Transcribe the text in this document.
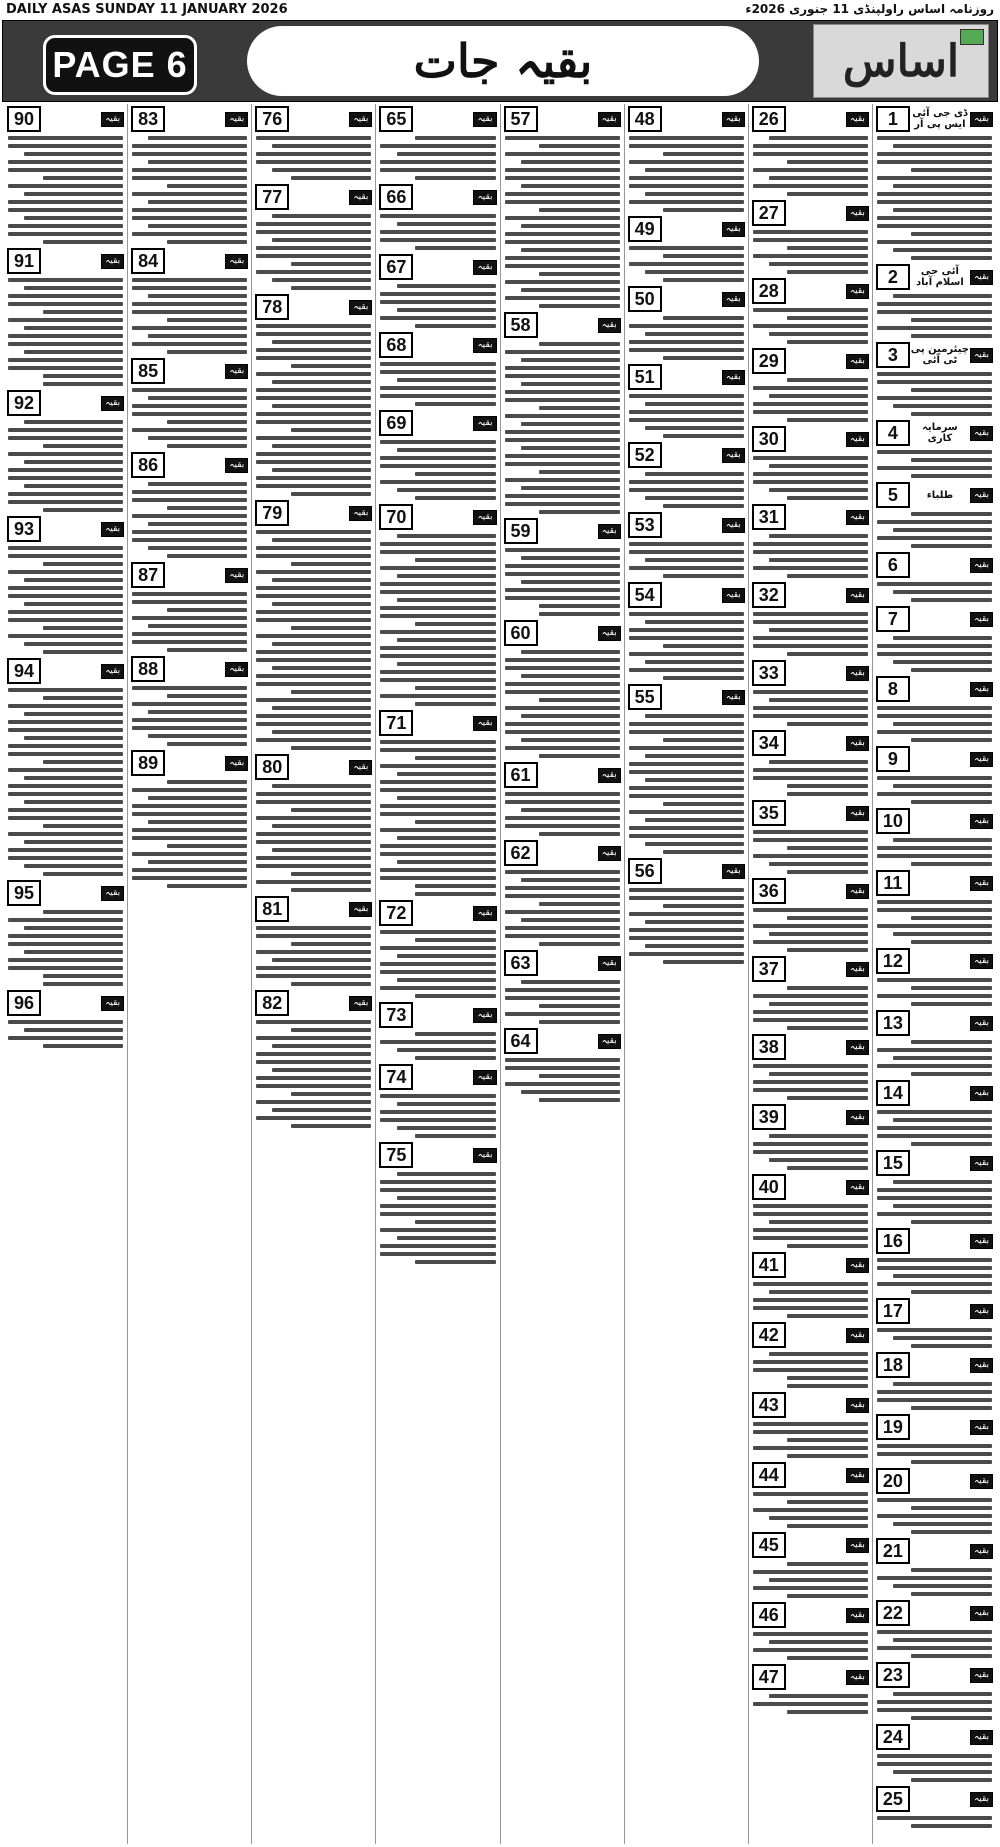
DAILY ASAS SUNDAY 11 JANUARY 2026	روزنامہ اساس راولپنڈی 11 جنوری 2026ء
PAGE 6	بقیہ جات	اساس
بقیہ
ڈی جی آئی ایس پی آر
1
بقیہ
آئی جی اسلام آباد
2
بقیہ
چیئرمین پی ٹی آئی
3
بقیہ
سرمایہ کاری
4
بقیہ
طلباء
5
بقیہ
6
بقیہ
7
بقیہ
8
بقیہ
9
بقیہ
10
بقیہ
11
بقیہ
12
بقیہ
13
بقیہ
14
بقیہ
15
بقیہ
16
بقیہ
17
بقیہ
18
بقیہ
19
بقیہ
20
بقیہ
21
بقیہ
22
بقیہ
23
بقیہ
24
بقیہ
25
بقیہ
26
بقیہ
27
بقیہ
28
بقیہ
29
بقیہ
30
بقیہ
31
بقیہ
32
بقیہ
33
بقیہ
34
بقیہ
35
بقیہ
36
بقیہ
37
بقیہ
38
بقیہ
39
بقیہ
40
بقیہ
41
بقیہ
42
بقیہ
43
بقیہ
44
بقیہ
45
بقیہ
46
بقیہ
47
بقیہ
48
بقیہ
49
بقیہ
50
بقیہ
51
بقیہ
52
بقیہ
53
بقیہ
54
بقیہ
55
بقیہ
56
بقیہ
57
بقیہ
58
بقیہ
59
بقیہ
60
بقیہ
61
بقیہ
62
بقیہ
63
بقیہ
64
بقیہ
65
بقیہ
66
بقیہ
67
بقیہ
68
بقیہ
69
بقیہ
70
بقیہ
71
بقیہ
72
بقیہ
73
بقیہ
74
بقیہ
75
بقیہ
76
بقیہ
77
بقیہ
78
بقیہ
79
بقیہ
80
بقیہ
81
بقیہ
82
بقیہ
83
بقیہ
84
بقیہ
85
بقیہ
86
بقیہ
87
بقیہ
88
بقیہ
89
بقیہ
90
بقیہ
91
بقیہ
92
بقیہ
93
بقیہ
94
بقیہ
95
بقیہ
96
